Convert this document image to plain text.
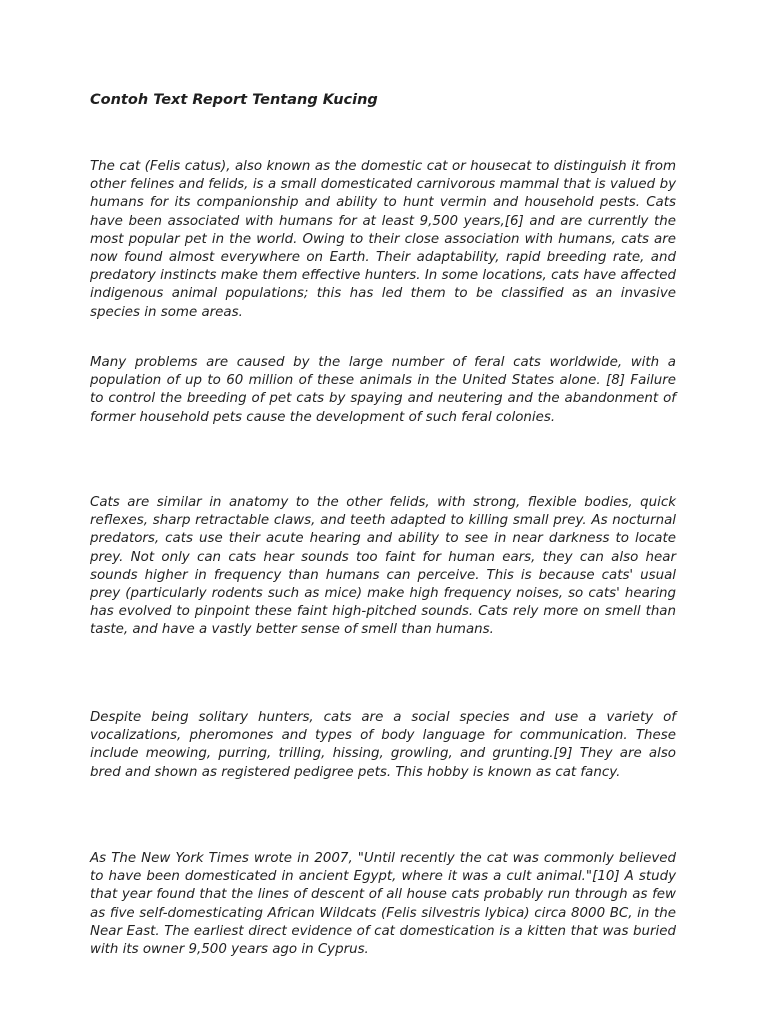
Contoh Text Report Tentang Kucing

The cat (Felis catus), also known as the domestic cat or housecat to distinguish it from other felines and felids, is a small domesticated carnivorous mammal that is valued by humans for its companionship and ability to hunt vermin and household pests. Cats have been associated with humans for at least 9,500 years,[6] and are currently the most popular pet in the world. Owing to their close association with humans, cats are now found almost everywhere on Earth. Their adaptability, rapid breeding rate, and predatory instincts make them effective hunters. In some locations, cats have affected indigenous animal populations; this has led them to be classified as an invasive species in some areas.

Many problems are caused by the large number of feral cats worldwide, with a population of up to 60 million of these animals in the United States alone. [8] Failure to control the breeding of pet cats by spaying and neutering and the abandonment of former household pets cause the development of such feral colonies.

Cats are similar in anatomy to the other felids, with strong, flexible bodies, quick reflexes, sharp retractable claws, and teeth adapted to killing small prey. As nocturnal predators, cats use their acute hearing and ability to see in near darkness to locate prey. Not only can cats hear sounds too faint for human ears, they can also hear sounds higher in frequency than humans can perceive. This is because cats' usual prey (particularly rodents such as mice) make high frequency noises, so cats' hearing has evolved to pinpoint these faint high-pitched sounds. Cats rely more on smell than taste, and have a vastly better sense of smell than humans.

Despite being solitary hunters, cats are a social species and use a variety of vocalizations, pheromones and types of body language for communication. These include meowing, purring, trilling, hissing, growling, and grunting.[9] They are also bred and shown as registered pedigree pets. This hobby is known as cat fancy.

As The New York Times wrote in 2007, "Until recently the cat was commonly believed to have been domesticated in ancient Egypt, where it was a cult animal."[10] A study that year found that the lines of descent of all house cats probably run through as few as five self-domesticating African Wildcats (Felis silvestris lybica) circa 8000 BC, in the Near East. The earliest direct evidence of cat domestication is a kitten that was buried with its owner 9,500 years ago in Cyprus.
